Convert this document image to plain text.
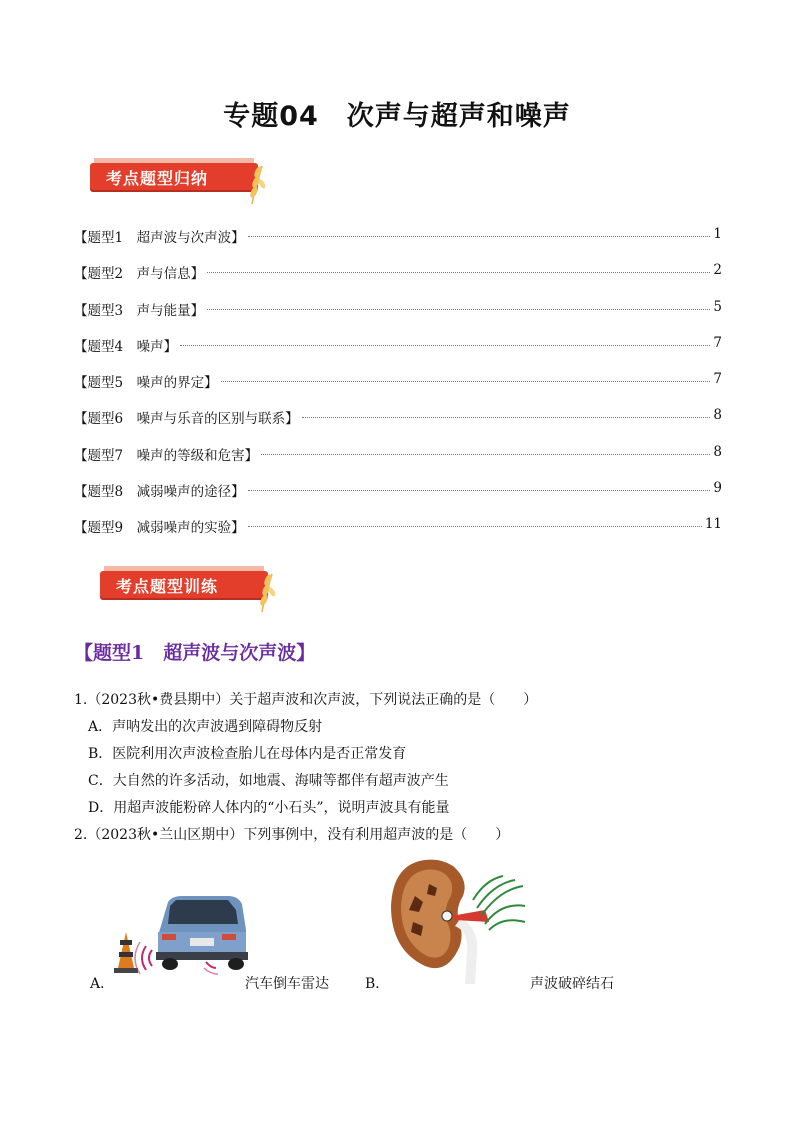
专题04　次声与超声和噪声
考点题型归纳
【题型1　超声波与次声波】	1
【题型2　声与信息】	2
【题型3　声与能量】	5
【题型4　噪声】	7
【题型5　噪声的界定】	7
【题型6　噪声与乐音的区别与联系】	8
【题型7　噪声的等级和危害】	8
【题型8　减弱噪声的途径】	9
【题型9　减弱噪声的实验】	11
考点题型训练
【题型1　超声波与次声波】
1.（2023秋•费县期中）关于超声波和次声波，下列说法正确的是（　　）
A．声呐发出的次声波遇到障碍物反射
B．医院利用次声波检查胎儿在母体内是否正常发育
C．大自然的许多活动，如地震、海啸等都伴有超声波产生
D．用超声波能粉碎人体内的“小石头”，说明声波具有能量
2.（2023秋•兰山区期中）下列事例中，没有利用超声波的是（　　）
A．	汽车倒车雷达	B．	声波破碎结石
